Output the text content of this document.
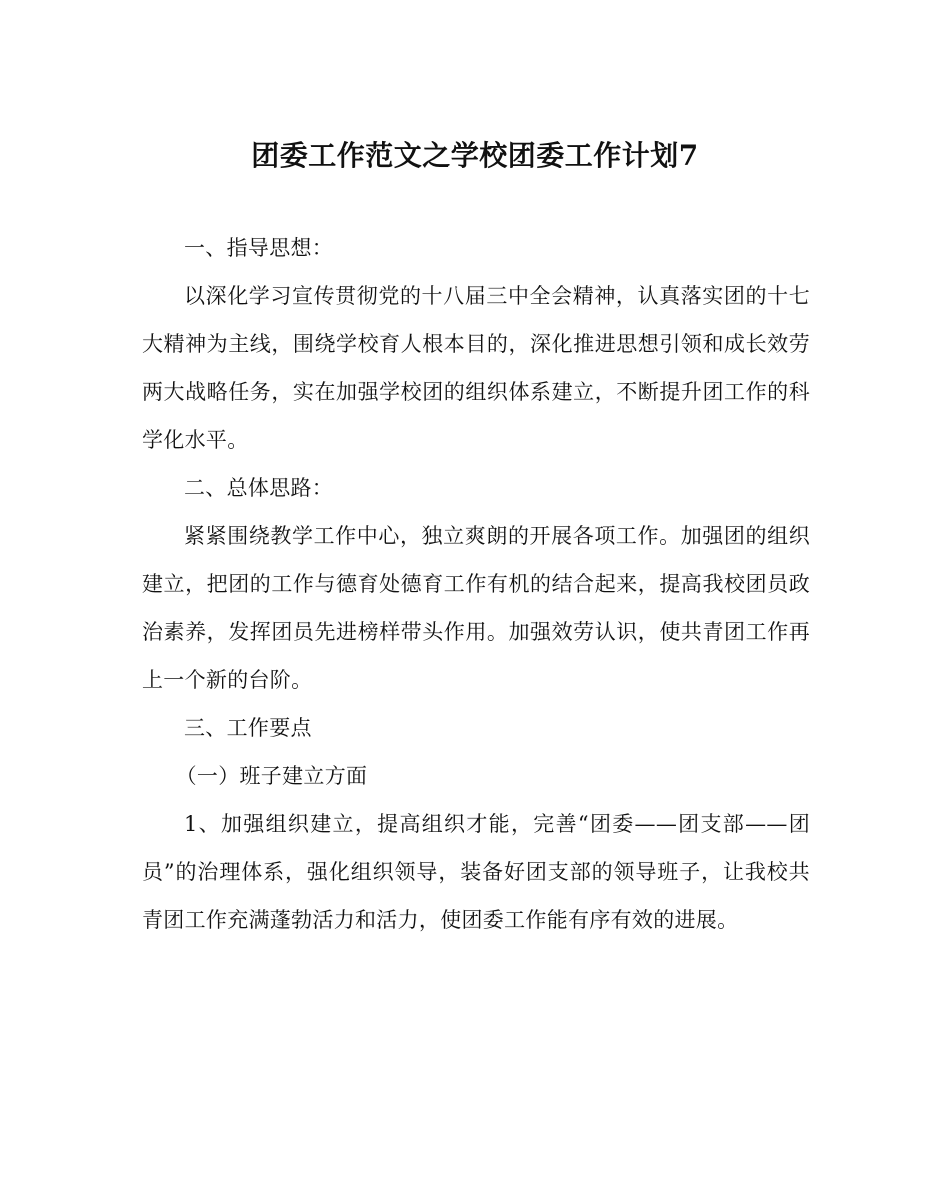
团委工作范文之学校团委工作计划7

一、指导思想：

以深化学习宣传贯彻党的十八届三中全会精神，认真落实团的十七大精神为主线，围绕学校育人根本目的，深化推进思想引领和成长效劳两大战略任务，实在加强学校团的组织体系建立，不断提升团工作的科学化水平。

二、总体思路：

紧紧围绕教学工作中心，独立爽朗的开展各项工作。加强团的组织建立，把团的工作与德育处德育工作有机的结合起来，提高我校团员政治素养，发挥团员先进榜样带头作用。加强效劳认识，使共青团工作再上一个新的台阶。

三、工作要点

（一）班子建立方面

1、加强组织建立，提高组织才能，完善“团委——团支部——团员”的治理体系，强化组织领导，装备好团支部的领导班子，让我校共青团工作充满蓬勃活力和活力，使团委工作能有序有效的进展。
